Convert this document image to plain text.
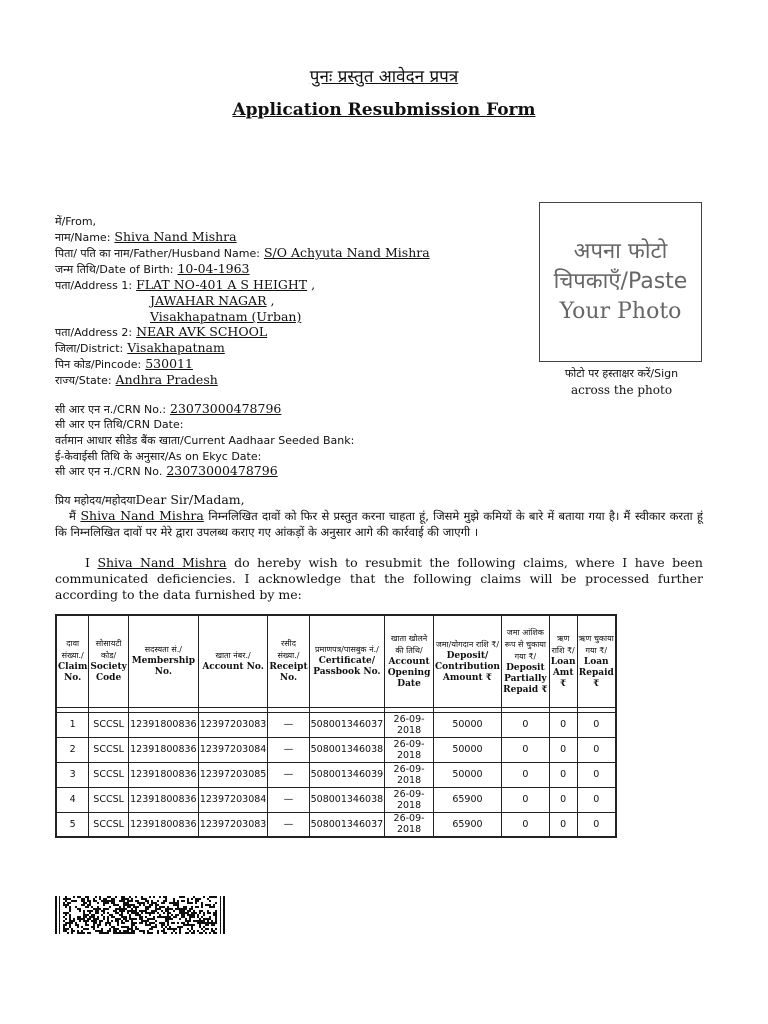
पुनः प्रस्तुत आवेदन प्रपत्र
Application Resubmission Form
में/From,
नाम/Name: Shiva Nand Mishra
पिता/ पति का नाम/Father/Husband Name: S/O Achyuta Nand Mishra
जन्म तिथि/Date of Birth: 10-04-1963
पता/Address 1: FLAT NO-401 A S HEIGHT ,
JAWAHAR NAGAR ,
Visakhapatnam (Urban)
पता/Address 2: NEAR AVK SCHOOL
जिला/District: Visakhapatnam
पिन कोड/Pincode: 530011
राज्य/State: Andhra Pradesh
अपना फोटो
चिपकाएँ/Paste
Your Photo
फोटो पर हस्ताक्षर करें/Sign
across the photo
सी आर एन न./CRN No.: 23073000478796
सी आर एन तिथि/CRN Date:
वर्तमान आधार सीडेड बैंक खाता/Current Aadhaar Seeded Bank:
ई-केवाईसी तिथि के अनुसार/As on Ekyc Date:
सी आर एन न./CRN No. 23073000478796
प्रिय महोदय/महोदयाDear Sir/Madam,
मैं Shiva Nand Mishra निम्नलिखित दावों को फिर से प्रस्तुत करना चाहता हूं, जिसमे मुझे कमियों के बारे में बताया गया है। मैं स्वीकार करता हूं कि निम्नलिखित दावों पर मेरे द्वारा उपलब्ध कराए गए आंकड़ों के अनुसार आगे की कार्रवाई की जाएगी ।
I Shiva Nand Mishra do hereby wish to resubmit the following claims, where I have been communicated deficiencies. I acknowledge that the following claims will be processed further according to the data furnished by me:
दावा संख्या./
Claim No.	सोसायटी कोड/
Society Code	सदस्यता सं./
Membership No.	खाता नंबर./
Account No.	रसीद संख्या./
Receipt No.	प्रमाणपत्र/पासबुक नं./
Certificate/ Passbook No.	खाता खोलने की तिथि/
Account Opening Date	जमा/योगदान राशि ₹/
Deposit/ Contribution Amount ₹	जमा आंशिक रूप से चुकाया गया ₹/
Deposit Partially Repaid ₹	ऋण राशि ₹/
Loan Amt ₹	ऋण चुकाया गया ₹/
Loan Repaid ₹

1	SCCSL	12391800836	12397203083	—	508001346037	26-09-2018	50000	0	0	0
2	SCCSL	12391800836	12397203084	—	508001346038	26-09-2018	50000	0	0	0
3	SCCSL	12391800836	12397203085	—	508001346039	26-09-2018	50000	0	0	0
4	SCCSL	12391800836	12397203084	—	508001346038	26-09-2018	65900	0	0	0
5	SCCSL	12391800836	12397203083	—	508001346037	26-09-2018	65900	0	0	0
